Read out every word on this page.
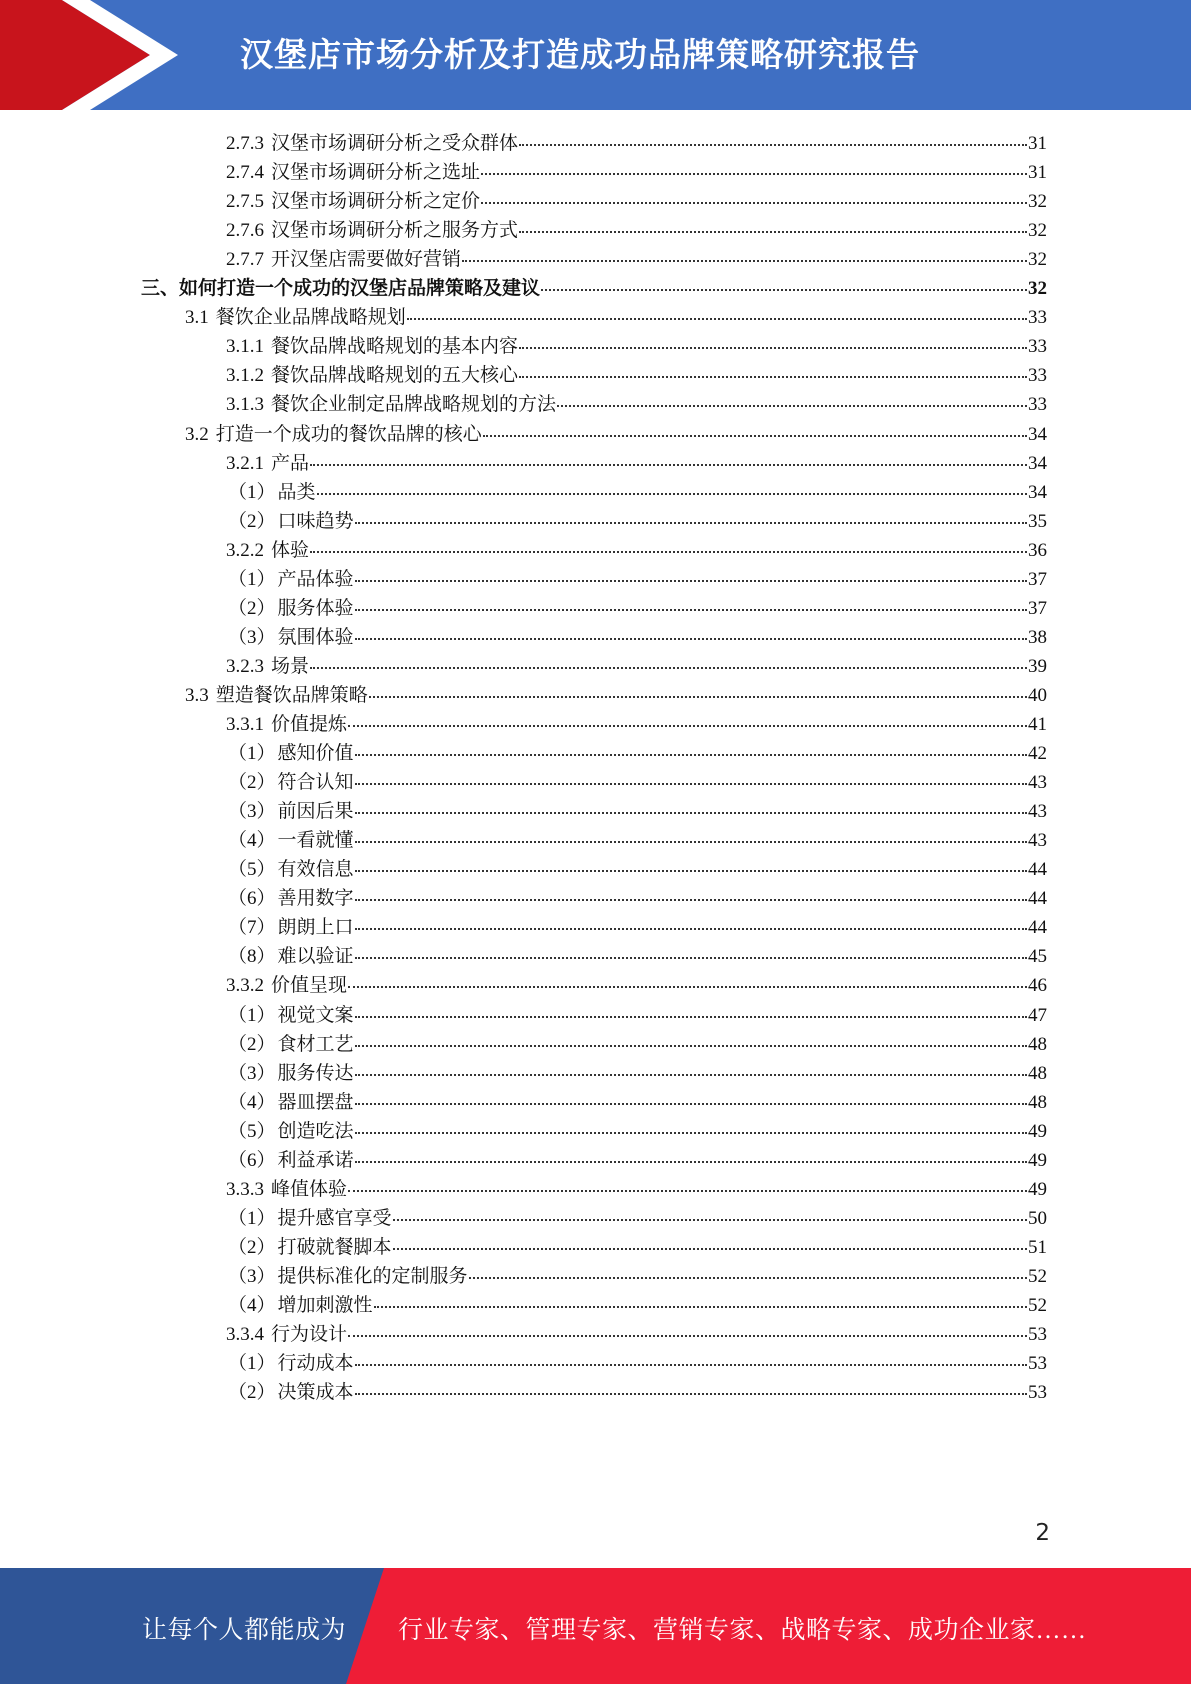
汉堡店市场分析及打造成功品牌策略研究报告
2.7.3 汉堡市场调研分析之受众群体	31
2.7.4 汉堡市场调研分析之选址	31
2.7.5 汉堡市场调研分析之定价	32
2.7.6 汉堡市场调研分析之服务方式	32
2.7.7 开汉堡店需要做好营销	32
三、 如何打造一个成功的汉堡店品牌策略及建议	32
3.1 餐饮企业品牌战略规划	33
3.1.1 餐饮品牌战略规划的基本内容	33
3.1.2 餐饮品牌战略规划的五大核心	33
3.1.3 餐饮企业制定品牌战略规划的方法	33
3.2 打造一个成功的餐饮品牌的核心	34
3.2.1 产品	34
（1） 品类	34
（2） 口味趋势	35
3.2.2 体验	36
（1） 产品体验	37
（2） 服务体验	37
（3） 氛围体验	38
3.2.3 场景	39
3.3 塑造餐饮品牌策略	40
3.3.1 价值提炼	41
（1） 感知价值	42
（2） 符合认知	43
（3） 前因后果	43
（4） 一看就懂	43
（5） 有效信息	44
（6） 善用数字	44
（7） 朗朗上口	44
（8） 难以验证	45
3.3.2 价值呈现	46
（1） 视觉文案	47
（2） 食材工艺	48
（3） 服务传达	48
（4） 器皿摆盘	48
（5） 创造吃法	49
（6） 利益承诺	49
3.3.3 峰值体验	49
（1） 提升感官享受	50
（2） 打破就餐脚本	51
（3） 提供标准化的定制服务	52
（4） 增加刺激性	52
3.3.4 行为设计	53
（1） 行动成本	53
（2） 决策成本	53
2
让每个人都能成为 行业专家、管理专家、营销专家、战略专家、成功企业家……
